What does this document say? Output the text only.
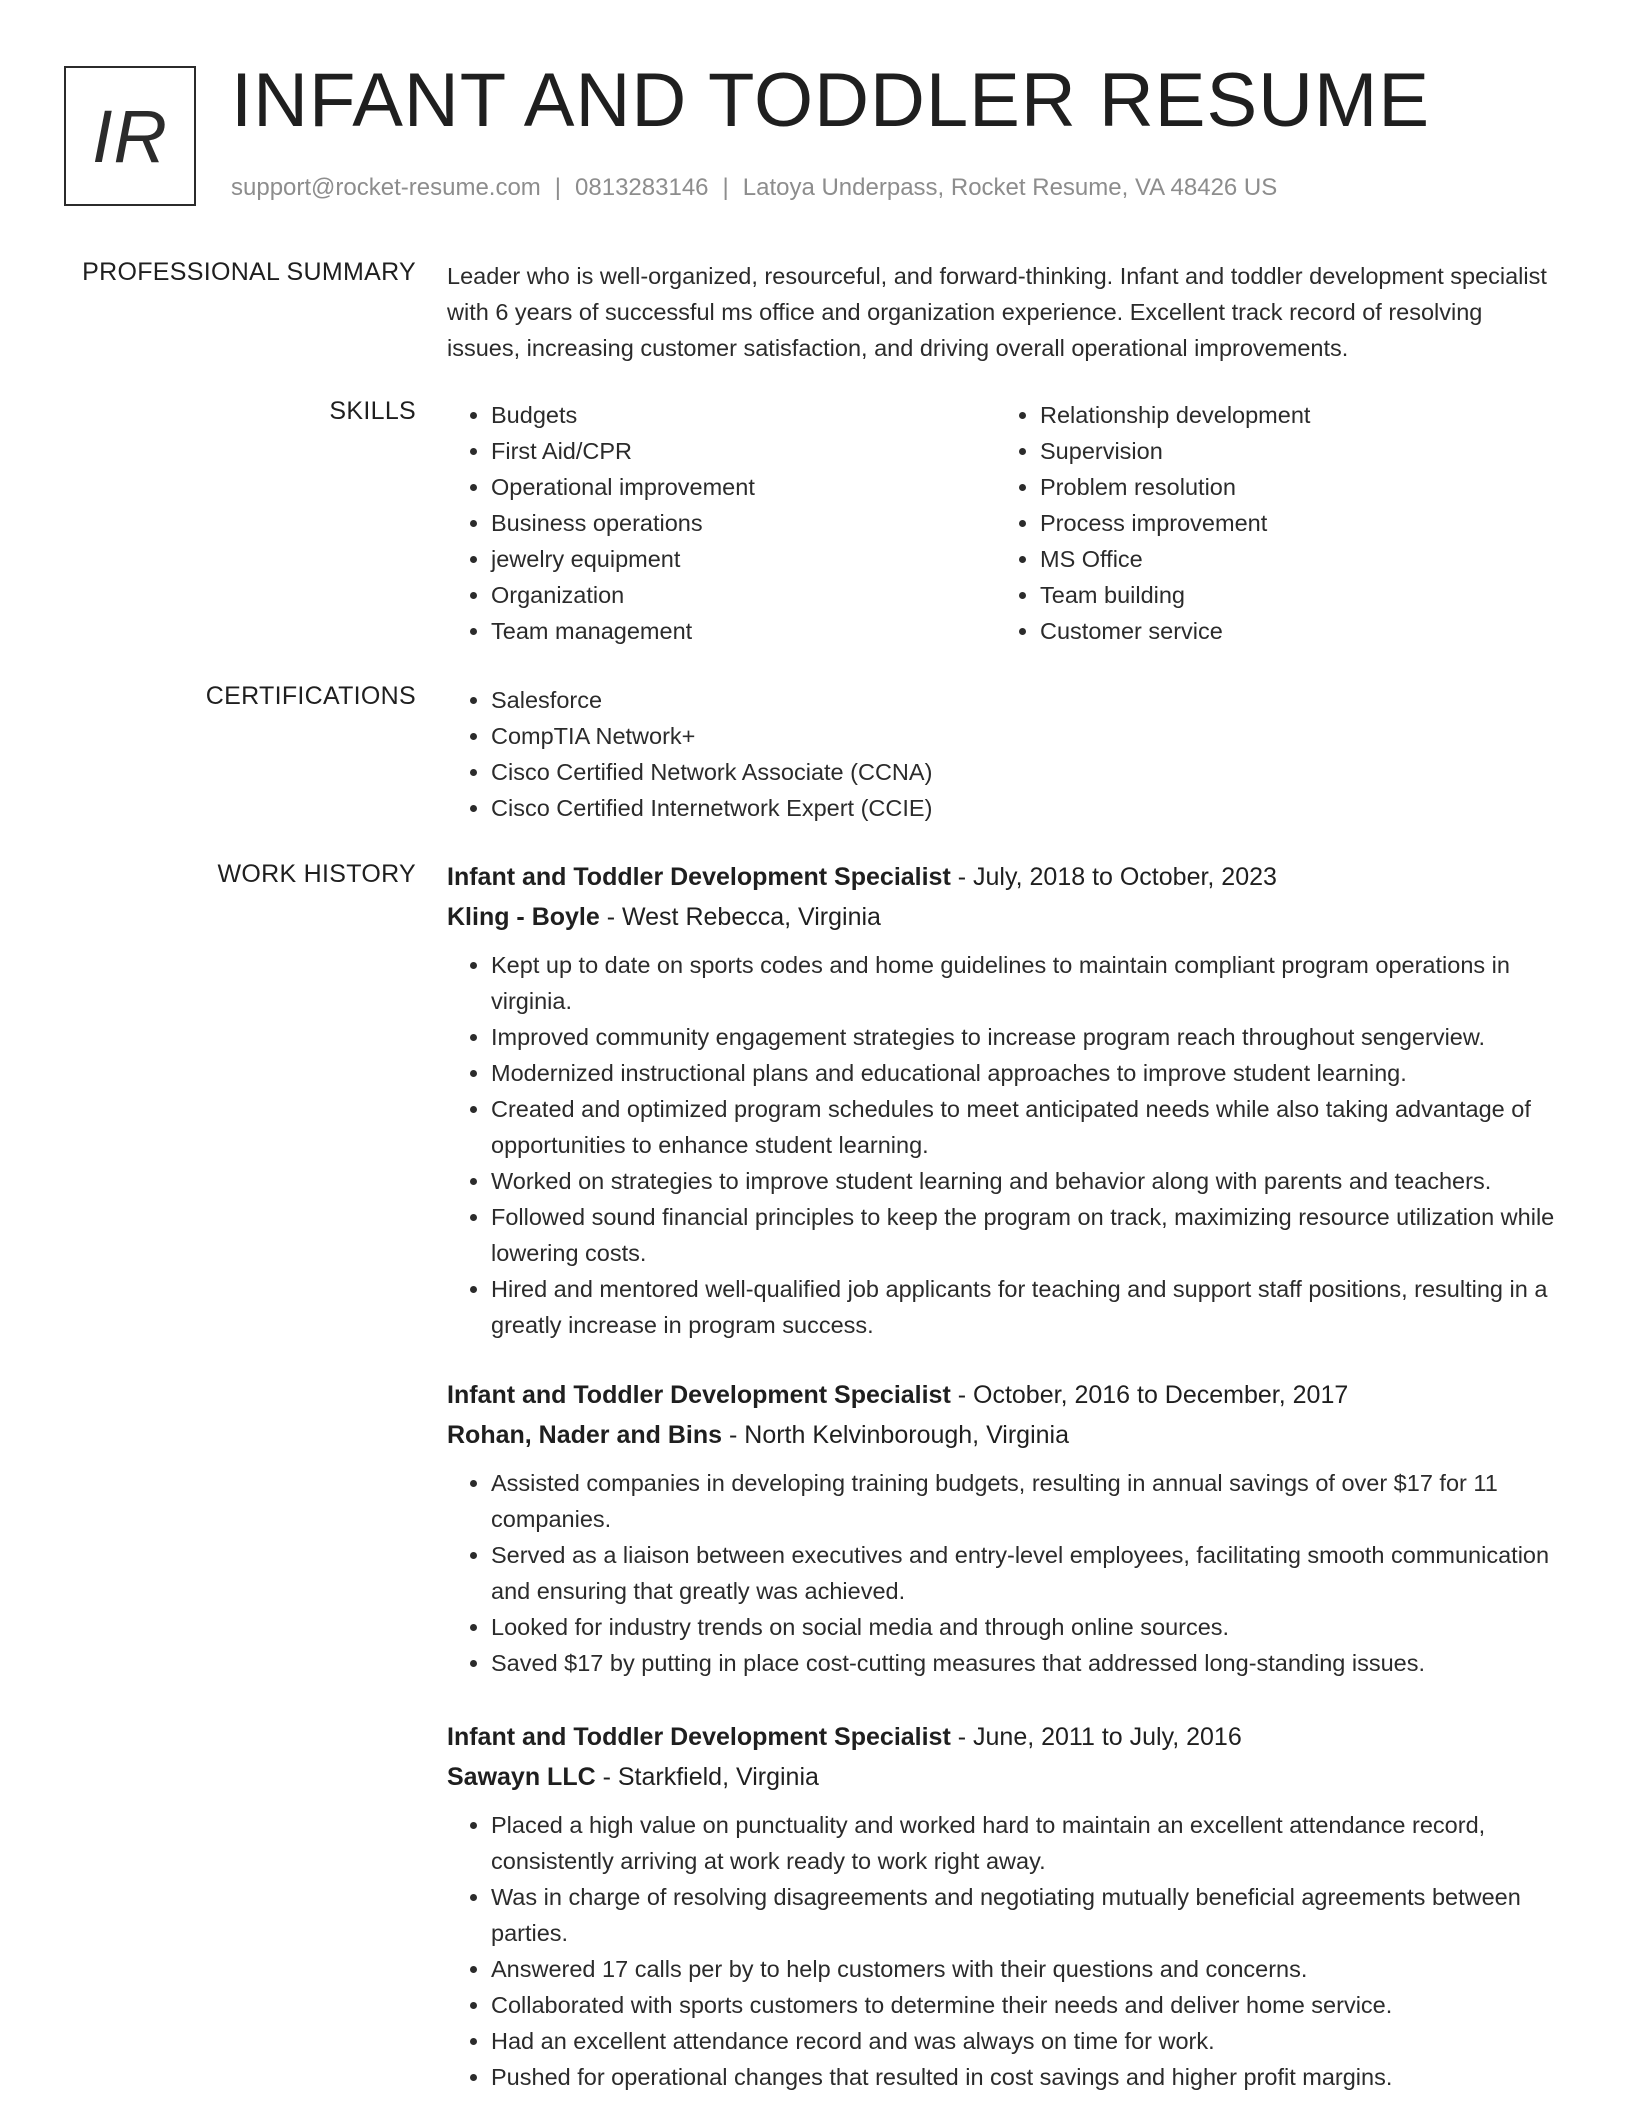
IR INFANT AND TODDLER RESUME
support@rocket-resume.com | 0813283146 | Latoya Underpass, Rocket Resume, VA 48426 US
PROFESSIONAL SUMMARY Leader who is well-organized, resourceful, and forward-thinking. Infant and toddler development specialist with 6 years of successful ms office and organization experience. Excellent track record of resolving issues, increasing customer satisfaction, and driving overall operational improvements.
SKILLS	• Budgets
• First Aid/CPR
• Operational improvement
• Business operations
• jewelry equipment
• Organization
• Team management
• Relationship development
• Supervision
• Problem resolution
• Process improvement
• MS Office
• Team building
• Customer service
CERTIFICATIONS	• Salesforce
• CompTIA Network+
• Cisco Certified Network Associate (CCNA)
• Cisco Certified Internetwork Expert (CCIE)
WORK HISTORY Infant and Toddler Development Specialist - July, 2018 to October, 2023
Kling - Boyle - West Rebecca, Virginia
• Kept up to date on sports codes and home guidelines to maintain compliant program operations in virginia.
• Improved community engagement strategies to increase program reach throughout sengerview.
• Modernized instructional plans and educational approaches to improve student learning.
• Created and optimized program schedules to meet anticipated needs while also taking advantage of opportunities to enhance student learning.
• Worked on strategies to improve student learning and behavior along with parents and teachers.
• Followed sound financial principles to keep the program on track, maximizing resource utilization while lowering costs.
• Hired and mentored well-qualified job applicants for teaching and support staff positions, resulting in a greatly increase in program success.
Infant and Toddler Development Specialist - October, 2016 to December, 2017
Rohan, Nader and Bins - North Kelvinborough, Virginia
• Assisted companies in developing training budgets, resulting in annual savings of over $17 for 11 companies.
• Served as a liaison between executives and entry-level employees, facilitating smooth communication and ensuring that greatly was achieved.
• Looked for industry trends on social media and through online sources.
• Saved $17 by putting in place cost-cutting measures that addressed long-standing issues.
Infant and Toddler Development Specialist - June, 2011 to July, 2016
Sawayn LLC - Starkfield, Virginia
• Placed a high value on punctuality and worked hard to maintain an excellent attendance record, consistently arriving at work ready to work right away.
• Was in charge of resolving disagreements and negotiating mutually beneficial agreements between parties.
• Answered 17 calls per by to help customers with their questions and concerns.
• Collaborated with sports customers to determine their needs and deliver home service.
• Had an excellent attendance record and was always on time for work.
• Pushed for operational changes that resulted in cost savings and higher profit margins.
